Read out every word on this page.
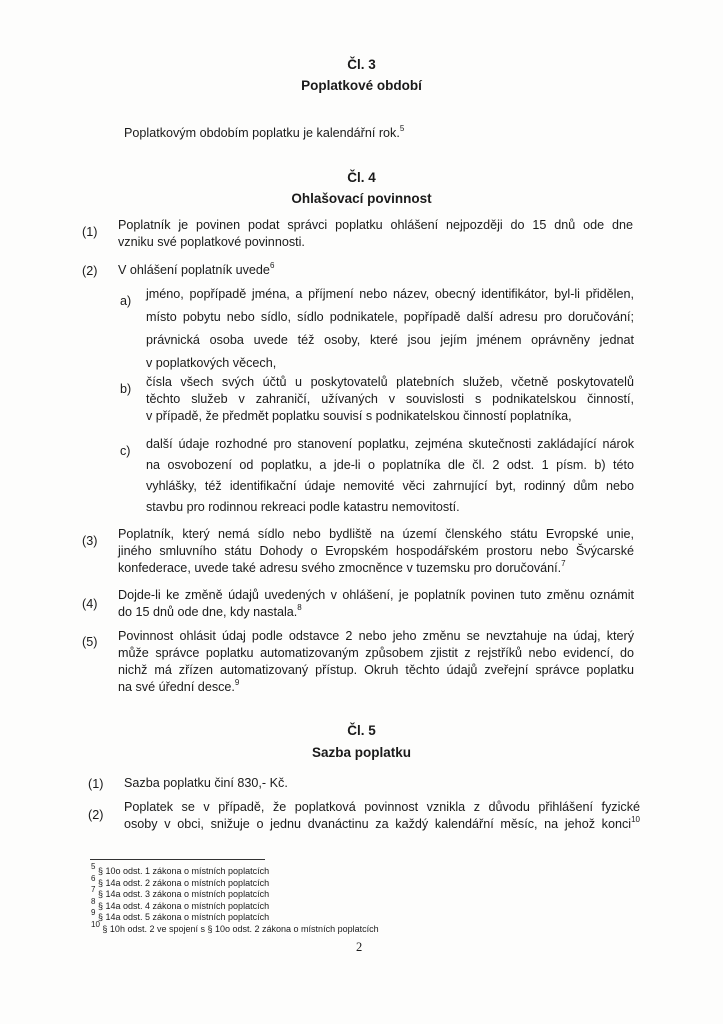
Čl. 3
Poplatkové období
Poplatkovým obdobím poplatku je kalendářní rok.$^5$
Čl. 4
Ohlašovací povinnost
(1) Poplatník je povinen podat správci poplatku ohlášení nejpozději do 15 dnů ode dne
vzniku své poplatkové povinnosti.
(2) V ohlášení poplatník uvede$^6$
a) jméno, popřípadě jména, a příjmení nebo název, obecný identifikátor, byl-li přidělen,
místo pobytu nebo sídlo, sídlo podnikatele, popřípadě další adresu pro doručování;
právnická osoba uvede též osoby, které jsou jejím jménem oprávněny jednat
v poplatkových věcech,
b) čísla všech svých účtů u poskytovatelů platebních služeb, včetně poskytovatelů
těchto služeb v zahraničí, užívaných v souvislosti s podnikatelskou činností,
v případě, že předmět poplatku souvisí s podnikatelskou činností poplatníka,
c) další údaje rozhodné pro stanovení poplatku, zejména skutečnosti zakládající nárok
na osvobození od poplatku, a jde-li o poplatníka dle čl. 2 odst. 1 písm. b) této
vyhlášky, též identifikační údaje nemovité věci zahrnující byt, rodinný dům nebo
stavbu pro rodinnou rekreaci podle katastru nemovitostí.
(3) Poplatník, který nemá sídlo nebo bydliště na území členského státu Evropské unie,
jiného smluvního státu Dohody o Evropském hospodářském prostoru nebo Švýcarské
konfederace, uvede také adresu svého zmocněnce v tuzemsku pro doručování.$^7$
(4)
Dojde-li ke změně údajů uvedených v ohlášení, je poplatník povinen tuto změnu oznámit
do 15 dnů ode dne, kdy nastala.$^8$
(5) Povinnost ohlásit údaj podle odstavce 2 nebo jeho změnu se nevztahuje na údaj, který
může správce poplatku automatizovaným způsobem zjistit z rejstříků nebo evidencí, do
nichž má zřízen automatizovaný přístup. Okruh těchto údajů zveřejní správce poplatku
na své úřední desce.$^9$
Čl. 5
Sazba poplatku
(1) Sazba poplatku činí 830,- Kč.
(2)
Poplatek se v případě, že poplatková povinnost vznikla z důvodu přihlášení fyzické
osoby v obci, snižuje o jednu dvanáctinu za každý kalendářní měsíc, na jehož konci$^{10}$
$^5$ § 10o odst. 1 zákona o místních poplatcích
$^6$ § 14a odst. 2 zákona o místních poplatcích
$^7$ § 14a odst. 3 zákona o místních poplatcích
$^8$ § 14a odst. 4 zákona o místních poplatcích
$^9$ § 14a odst. 5 zákona o místních poplatcích
$^{10}$ § 10h odst. 2 ve spojení s § 10o odst. 2 zákona o místních poplatcích
2
